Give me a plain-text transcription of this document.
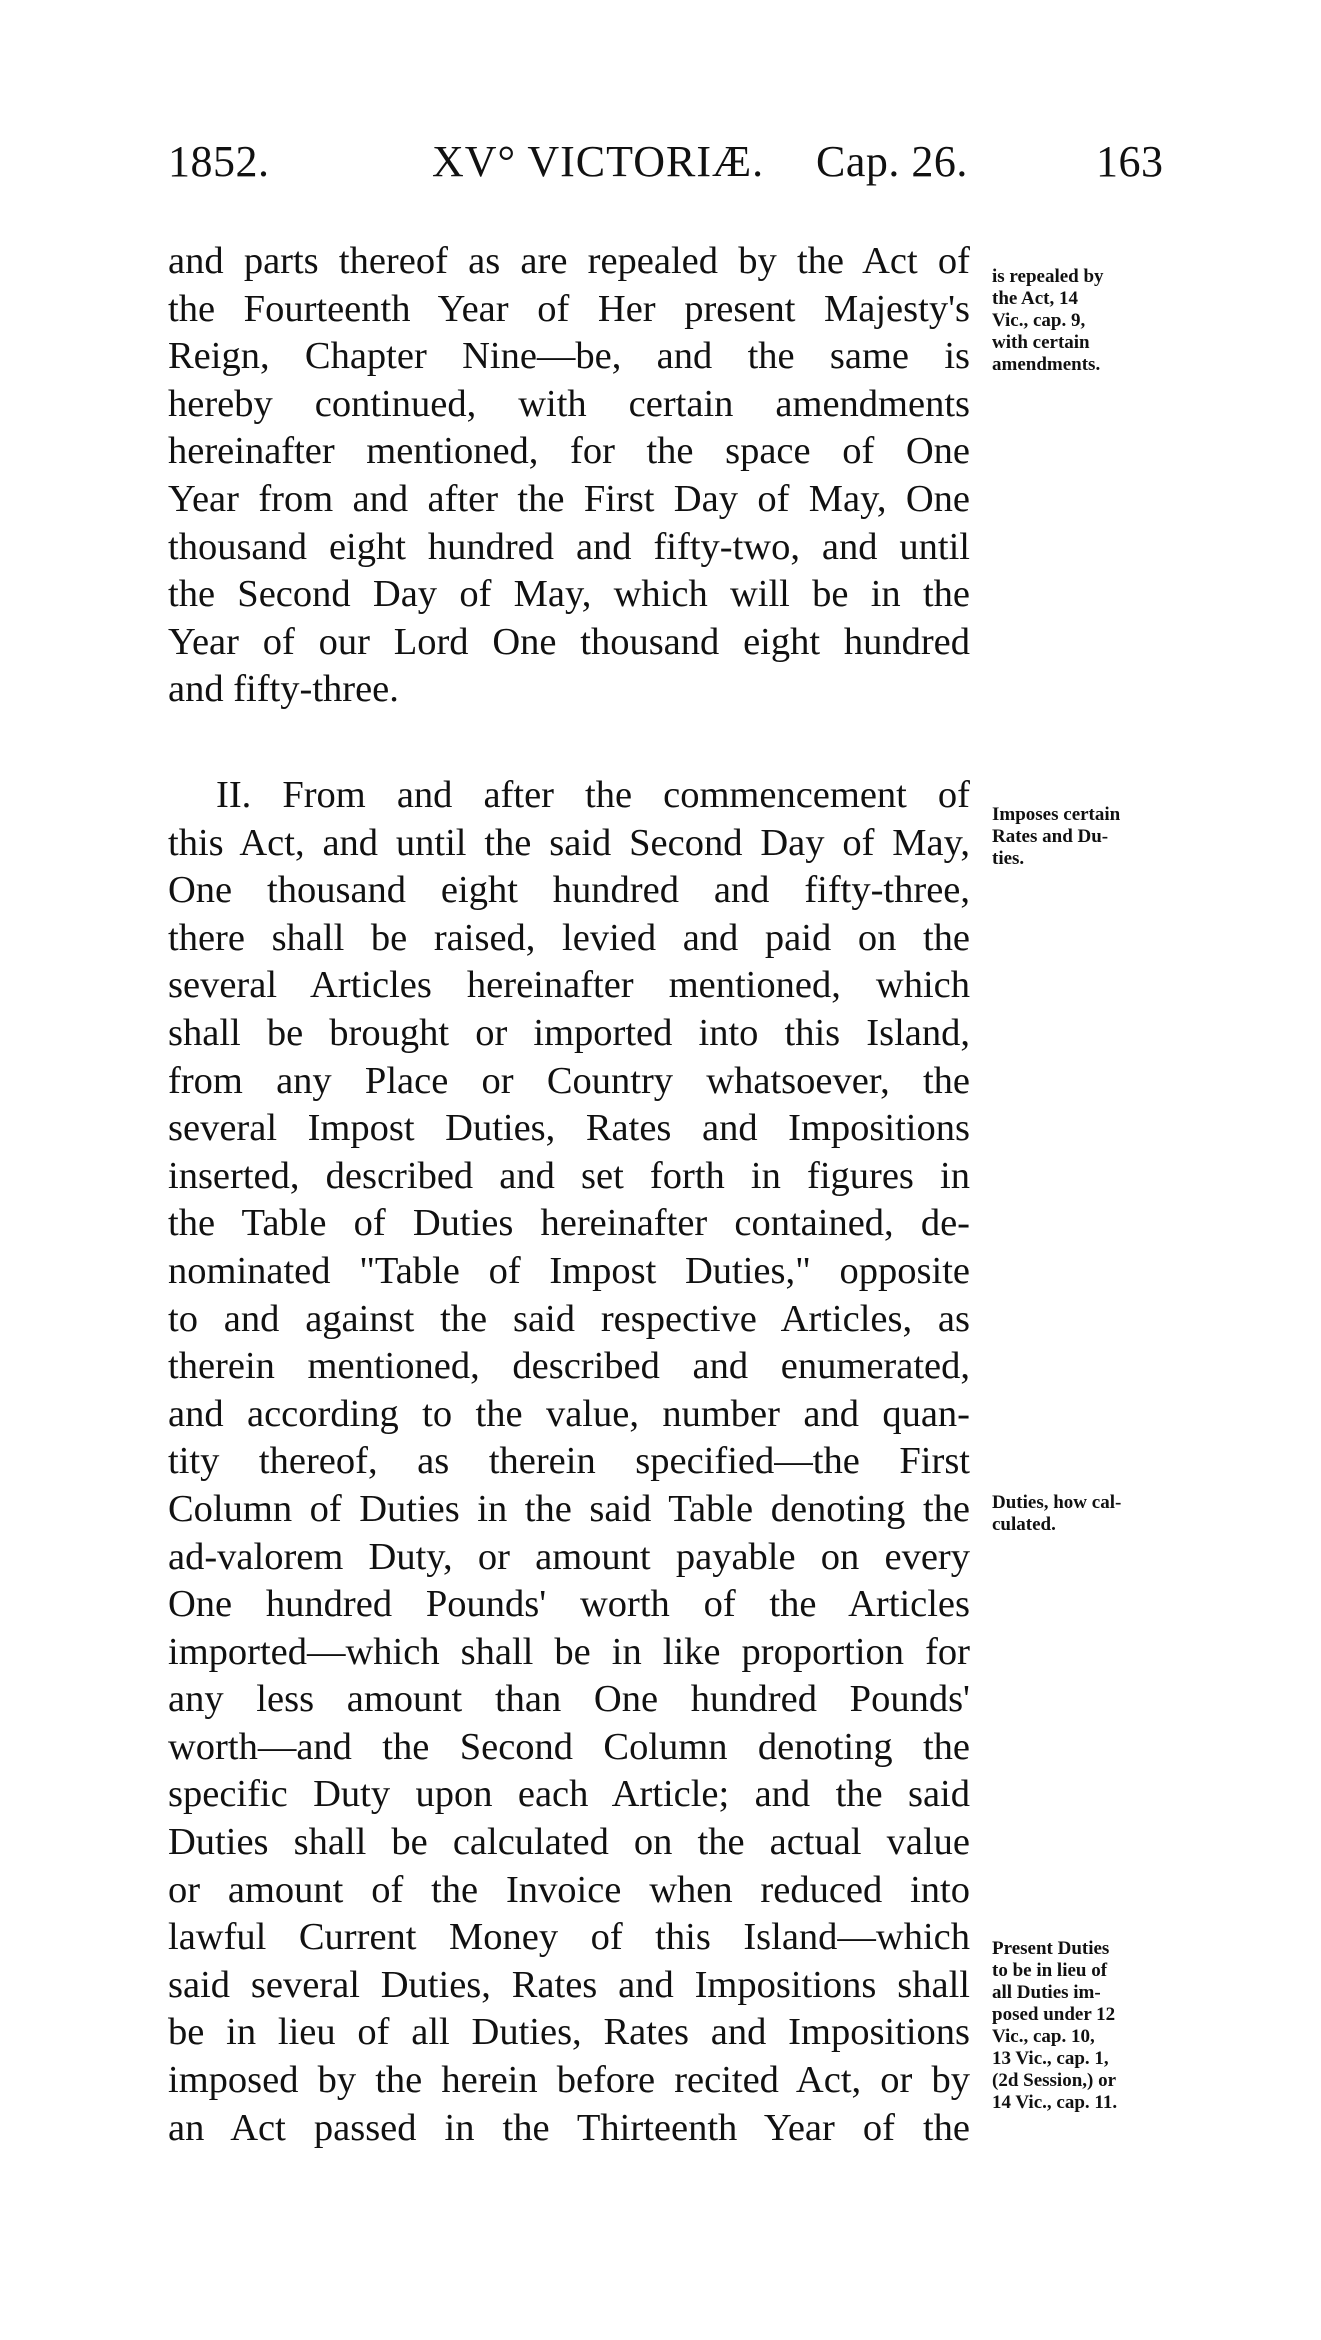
1852.	XV° VICTORIÆ. Cap. 26.	163
and parts thereof as are repealed by the Act of
the Fourteenth Year of Her present Majesty's
Reign, Chapter Nine—be, and the same is
hereby continued, with certain amendments
hereinafter mentioned, for the space of One
Year from and after the First Day of May, One
thousand eight hundred and fifty-two, and until
the Second Day of May, which will be in the
Year of our Lord One thousand eight hundred
and fifty-three.
is repealed by
the Act, 14
Vic., cap. 9,
with certain
amendments.
II. From and after the commencement of
this Act, and until the said Second Day of May,
One thousand eight hundred and fifty-three,
there shall be raised, levied and paid on the
several Articles hereinafter mentioned, which
shall be brought or imported into this Island,
from any Place or Country whatsoever, the
several Impost Duties, Rates and Impositions
inserted, described and set forth in figures in
the Table of Duties hereinafter contained, de-
nominated "Table of Impost Duties," opposite
to and against the said respective Articles, as
therein mentioned, described and enumerated,
and according to the value, number and quan-
tity thereof, as therein specified—the First
Column of Duties in the said Table denoting the
ad-valorem Duty, or amount payable on every
One hundred Pounds' worth of the Articles
imported—which shall be in like proportion for
any less amount than One hundred Pounds'
worth—and the Second Column denoting the
specific Duty upon each Article; and the said
Duties shall be calculated on the actual value
or amount of the Invoice when reduced into
lawful Current Money of this Island—which
said several Duties, Rates and Impositions shall
be in lieu of all Duties, Rates and Impositions
imposed by the herein before recited Act, or by
an Act passed in the Thirteenth Year of the
Imposes certain
Rates and Du-
ties.
Duties, how cal-
culated.
Present Duties
to be in lieu of
all Duties im-
posed under 12
Vic., cap. 10,
13 Vic., cap. 1,
(2d Session,) or
14 Vic., cap. 11.
